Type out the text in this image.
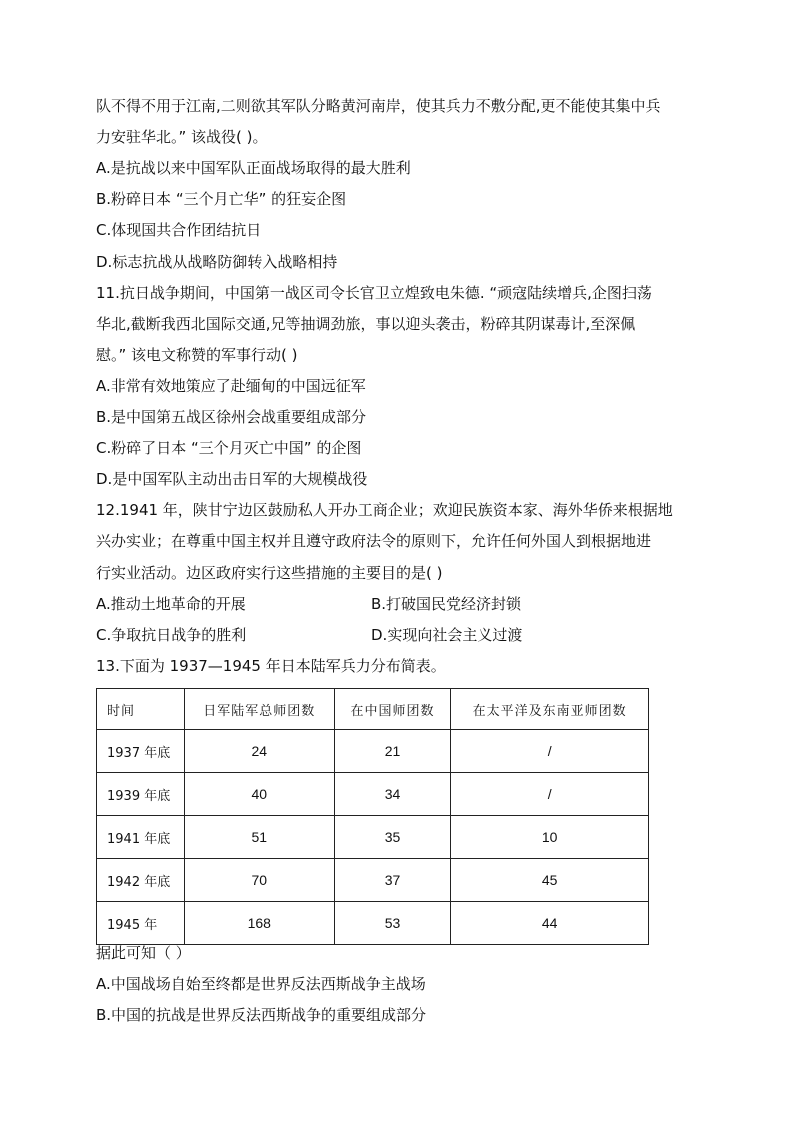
队不得不用于江南,二则欲其军队分略黄河南岸，使其兵力不敷分配,更不能使其集中兵
力安驻华北。” 该战役( )。
A.是抗战以来中国军队正面战场取得的最大胜利
B.粉碎日本 “三个月亡华” 的狂妄企图
C.体现国共合作团结抗日
D.标志抗战从战略防御转入战略相持
11.抗日战争期间，中国第一战区司令长官卫立煌致电朱德. “顽寇陆续增兵,企图扫荡
华北,截断我西北国际交通,兄等抽调劲旅，事以迎头袭击，粉碎其阴谋毒计,至深佩
慰。” 该电文称赞的军事行动( )
A.非常有效地策应了赴缅甸的中国远征军
B.是中国第五战区徐州会战重要组成部分
C.粉碎了日本 “三个月灭亡中国” 的企图
D.是中国军队主动出击日军的大规模战役
12.1941 年，陕甘宁边区鼓励私人开办工商企业；欢迎民族资本家、海外华侨来根据地
兴办实业；在尊重中国主权并且遵守政府法令的原则下，允许任何外国人到根据地进
行实业活动。边区政府实行这些措施的主要目的是( )
A.推动土地革命的开展	B.打破国民党经济封锁
C.争取抗日战争的胜利	D.实现向社会主义过渡
13.下面为 1937—1945 年日本陆军兵力分布简表。
时间	日军陆军总师团数	在中国师团数	在太平洋及东南亚师团数
1937 年底	24	21	/
1939 年底	40	34	/
1941 年底	51	35	10
1942 年底	70	37	45
1945 年	168	53	44
据此可知（ ）
A.中国战场自始至终都是世界反法西斯战争主战场
B.中国的抗战是世界反法西斯战争的重要组成部分
